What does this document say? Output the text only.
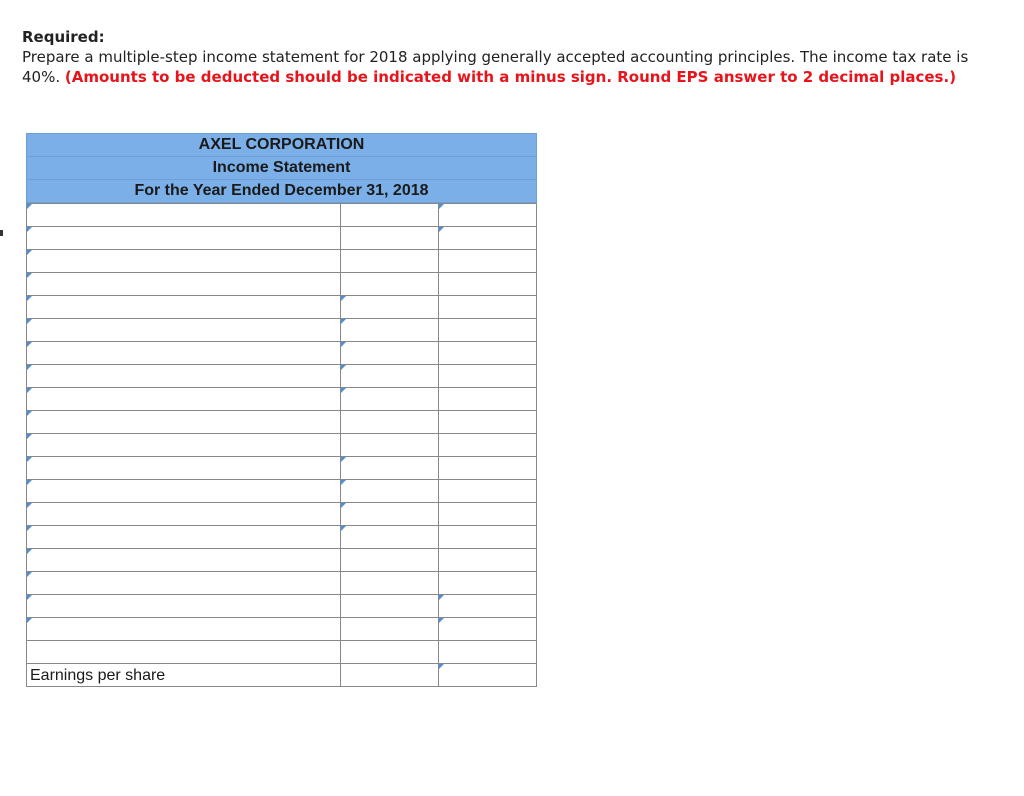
Required:
Prepare a multiple-step income statement for 2018 applying generally accepted accounting principles. The income tax rate is 40%. (Amounts to be deducted should be indicated with a minus sign. Round EPS answer to 2 decimal places.)
AXEL CORPORATION
Income Statement
For the Year Ended December 31, 2018

Earnings per share
